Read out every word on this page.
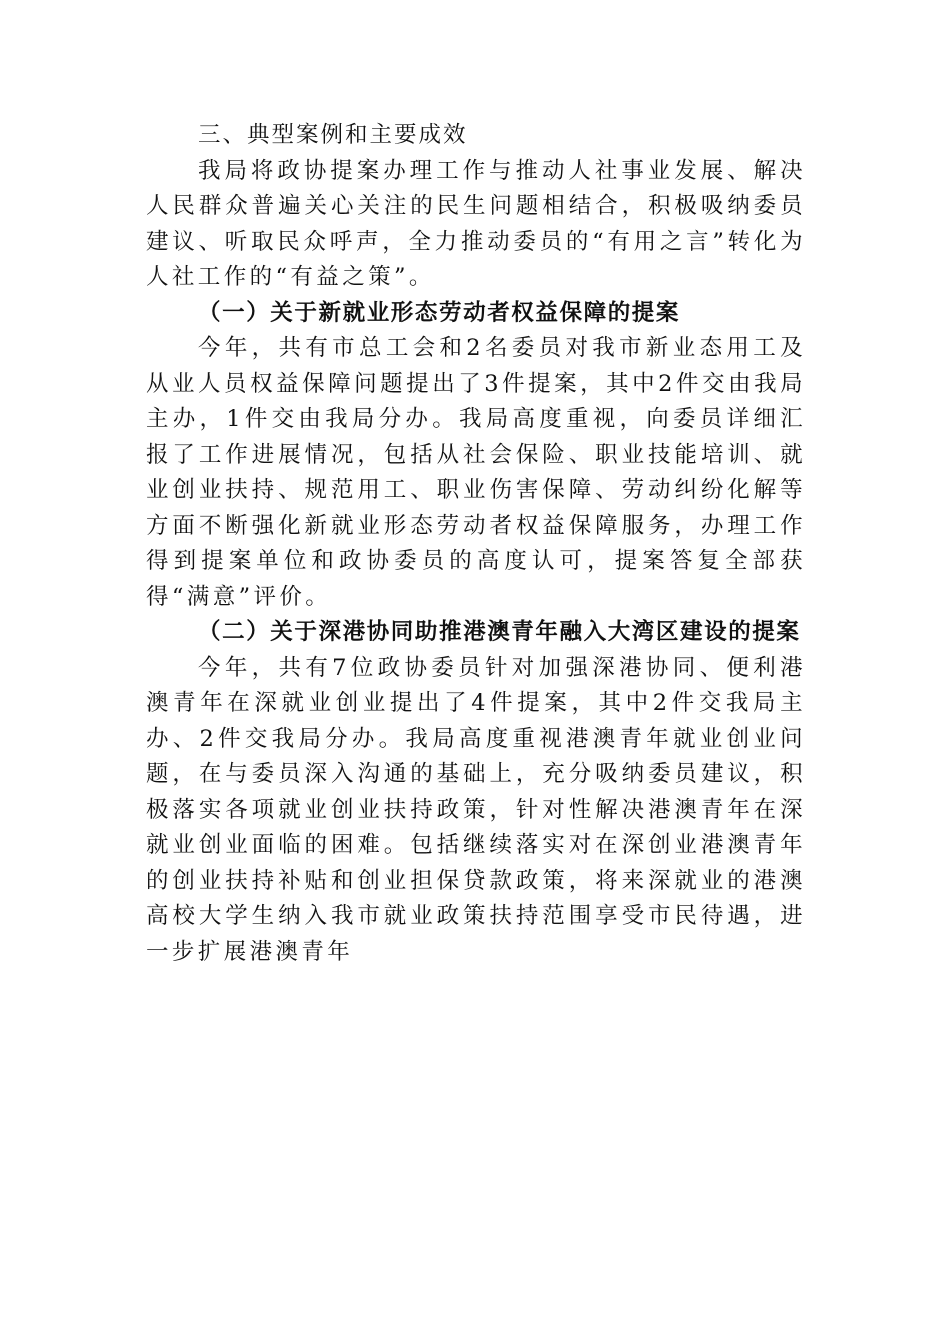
三、典型案例和主要成效

我局将政协提案办理工作与推动人社事业发展、解决人民群众普遍关心关注的民生问题相结合，积极吸纳委员建议、听取民众呼声，全力推动委员的“有用之言”转化为人社工作的“有益之策”。

（一）关于新就业形态劳动者权益保障的提案

今年，共有市总工会和2名委员对我市新业态用工及从业人员权益保障问题提出了3件提案，其中2件交由我局主办，1件交由我局分办。我局高度重视，向委员详细汇报了工作进展情况，包括从社会保险、职业技能培训、就业创业扶持、规范用工、职业伤害保障、劳动纠纷化解等方面不断强化新就业形态劳动者权益保障服务，办理工作得到提案单位和政协委员的高度认可，提案答复全部获得“满意”评价。

（二）关于深港协同助推港澳青年融入大湾区建设的提案

今年，共有7位政协委员针对加强深港协同、便利港澳青年在深就业创业提出了4件提案，其中2件交我局主办、2件交我局分办。我局高度重视港澳青年就业创业问题，在与委员深入沟通的基础上，充分吸纳委员建议，积极落实各项就业创业扶持政策，针对性解决港澳青年在深就业创业面临的困难。包括继续落实对在深创业港澳青年的创业扶持补贴和创业担保贷款政策，将来深就业的港澳高校大学生纳入我市就业政策扶持范围享受市民待遇，进一步扩展港澳青年
